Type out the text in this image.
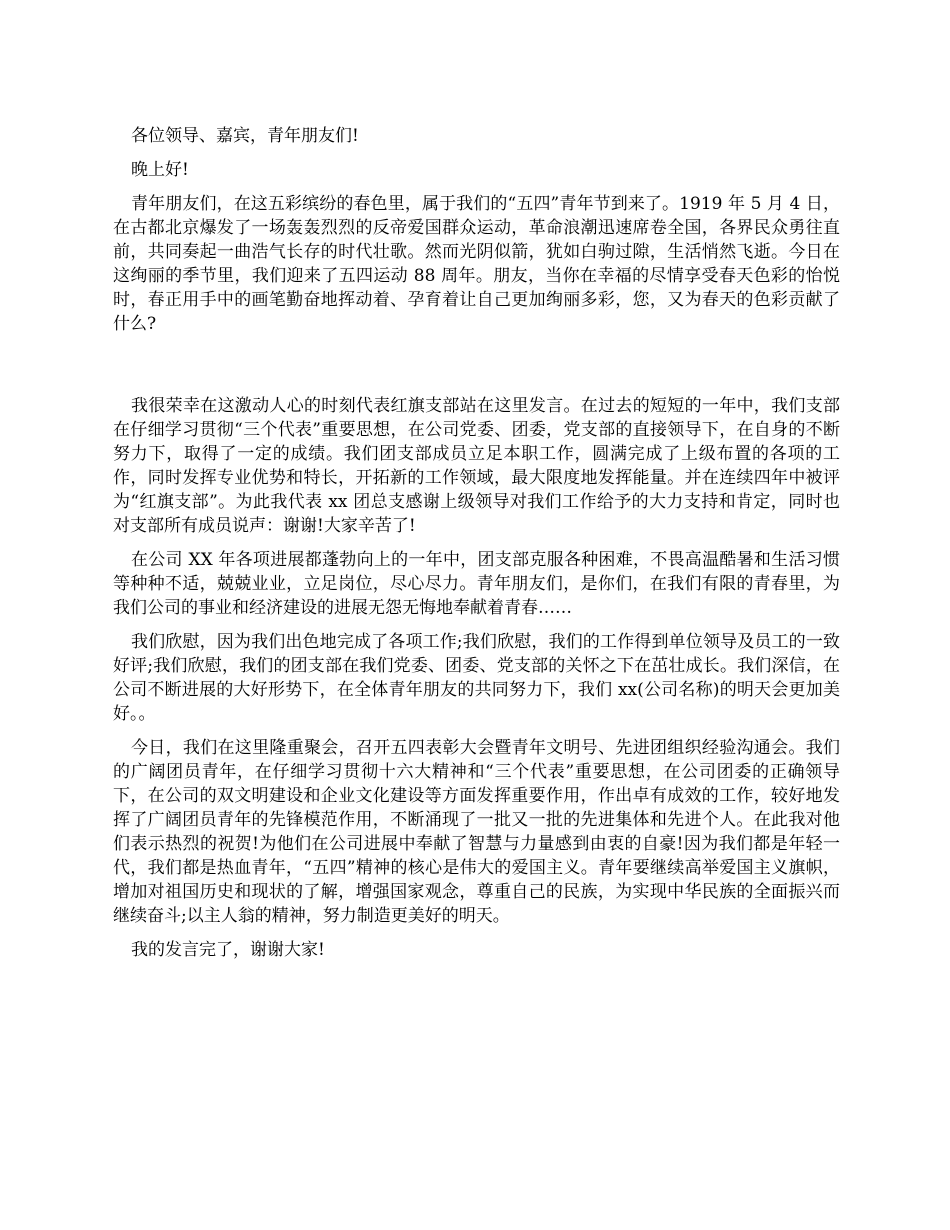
各位领导、嘉宾，青年朋友们!

晚上好!

青年朋友们，在这五彩缤纷的春色里，属于我们的“五四”青年节到来了。1919 年 5 月 4 日，在古都北京爆发了一场轰轰烈烈的反帝爱国群众运动，革命浪潮迅速席卷全国，各界民众勇往直前，共同奏起一曲浩气长存的时代壮歌。然而光阴似箭，犹如白驹过隙，生活悄然飞逝。今日在这绚丽的季节里，我们迎来了五四运动 88 周年。朋友，当你在幸福的尽情享受春天色彩的怡悦时，春正用手中的画笔勤奋地挥动着、孕育着让自己更加绚丽多彩，您，又为春天的色彩贡献了什么?

我很荣幸在这激动人心的时刻代表红旗支部站在这里发言。在过去的短短的一年中，我们支部在仔细学习贯彻“三个代表”重要思想，在公司党委、团委，党支部的直接领导下，在自身的不断努力下，取得了一定的成绩。我们团支部成员立足本职工作，圆满完成了上级布置的各项的工作，同时发挥专业优势和特长，开拓新的工作领域，最大限度地发挥能量。并在连续四年中被评为“红旗支部”。为此我代表 xx 团总支感谢上级领导对我们工作给予的大力支持和肯定，同时也对支部所有成员说声：谢谢!大家辛苦了!

在公司 XX 年各项进展都蓬勃向上的一年中，团支部克服各种困难，不畏高温酷暑和生活习惯等种种不适，兢兢业业，立足岗位，尽心尽力。青年朋友们，是你们，在我们有限的青春里，为我们公司的事业和经济建设的进展无怨无悔地奉献着青春……

我们欣慰，因为我们出色地完成了各项工作;我们欣慰，我们的工作得到单位领导及员工的一致好评;我们欣慰，我们的团支部在我们党委、团委、党支部的关怀之下在茁壮成长。我们深信，在公司不断进展的大好形势下，在全体青年朋友的共同努力下，我们 xx(公司名称)的明天会更加美好。。

今日，我们在这里隆重聚会，召开五四表彰大会暨青年文明号、先进团组织经验沟通会。我们的广阔团员青年，在仔细学习贯彻十六大精神和“三个代表”重要思想，在公司团委的正确领导下，在公司的双文明建设和企业文化建设等方面发挥重要作用，作出卓有成效的工作，较好地发挥了广阔团员青年的先锋模范作用，不断涌现了一批又一批的先进集体和先进个人。在此我对他们表示热烈的祝贺!为他们在公司进展中奉献了智慧与力量感到由衷的自豪!因为我们都是年轻一代，我们都是热血青年，“五四”精神的核心是伟大的爱国主义。青年要继续高举爱国主义旗帜，增加对祖国历史和现状的了解，增强国家观念，尊重自己的民族，为实现中华民族的全面振兴而继续奋斗;以主人翁的精神，努力制造更美好的明天。

我的发言完了，谢谢大家!
